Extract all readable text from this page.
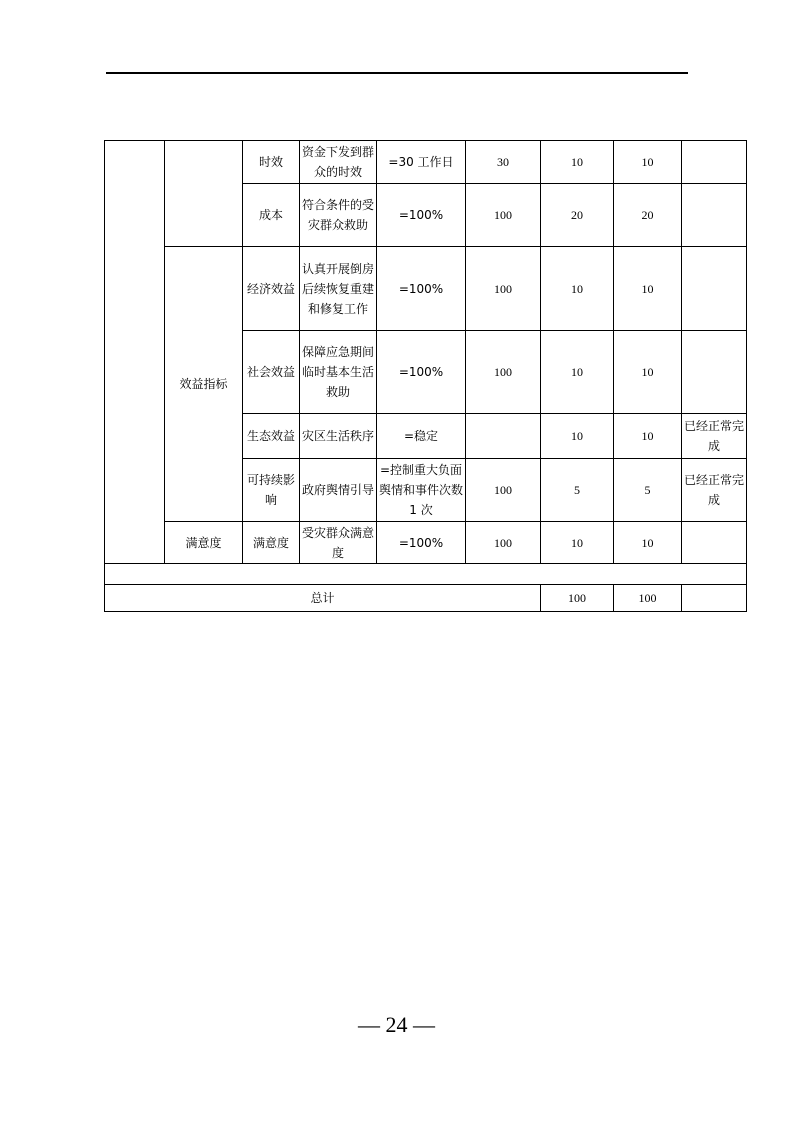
		时效	资金下发到群众的时效	=30 工作日	30	10	10	
		成本	符合条件的受灾群众救助	=100%	100	20	20	
	效益指标	经济效益	认真开展倒房后续恢复重建和修复工作	=100%	100	10	10	
		社会效益	保障应急期间临时基本生活救助	=100%	100	10	10	
		生态效益	灾区生活秩序	=稳定		10	10	已经正常完成
		可持续影响	政府舆情引导	=控制重大负面舆情和事件次数 1 次	100	5	5	已经正常完成
	满意度	满意度	受灾群众满意度	=100%	100	10	10	

总计						100	100	
— 24 —
